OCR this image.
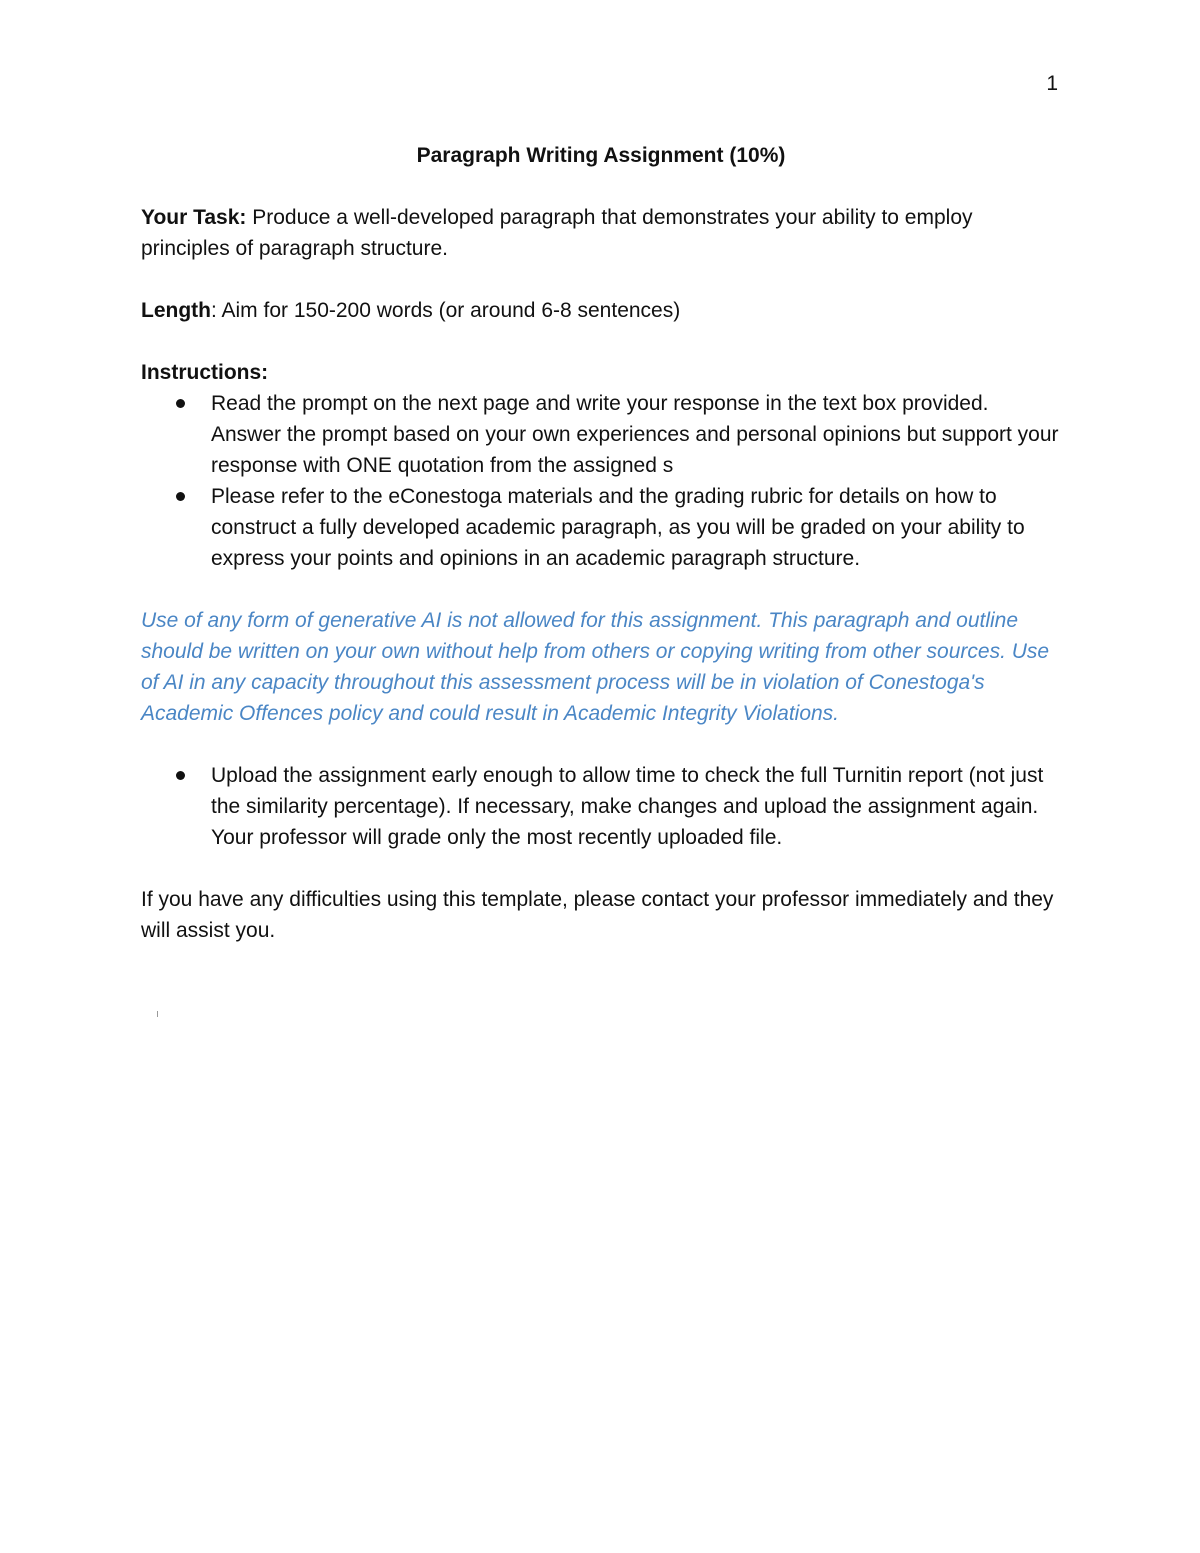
1
Paragraph Writing Assignment (10%)

Your Task: Produce a well-developed paragraph that demonstrates your ability to employ principles of paragraph structure.

Length: Aim for 150-200 words (or around 6-8 sentences)

Instructions:

Read the prompt on the next page and write your response in the text box provided. Answer the prompt based on your own experiences and personal opinions but support your response with ONE quotation from the assigned s
Please refer to the eConestoga materials and the grading rubric for details on how to construct a fully developed academic paragraph, as you will be graded on your ability to express your points and opinions in an academic paragraph structure.

Use of any form of generative AI is not allowed for this assignment. This paragraph and outline should be written on your own without help from others or copying writing from other sources. Use of AI in any capacity throughout this assessment process will be in violation of Conestoga's Academic Offences policy and could result in Academic Integrity Violations.

Upload the assignment early enough to allow time to check the full Turnitin report (not just the similarity percentage). If necessary, make changes and upload the assignment again. Your professor will grade only the most recently uploaded file.

If you have any difficulties using this template, please contact your professor immediately and they will assist you.
